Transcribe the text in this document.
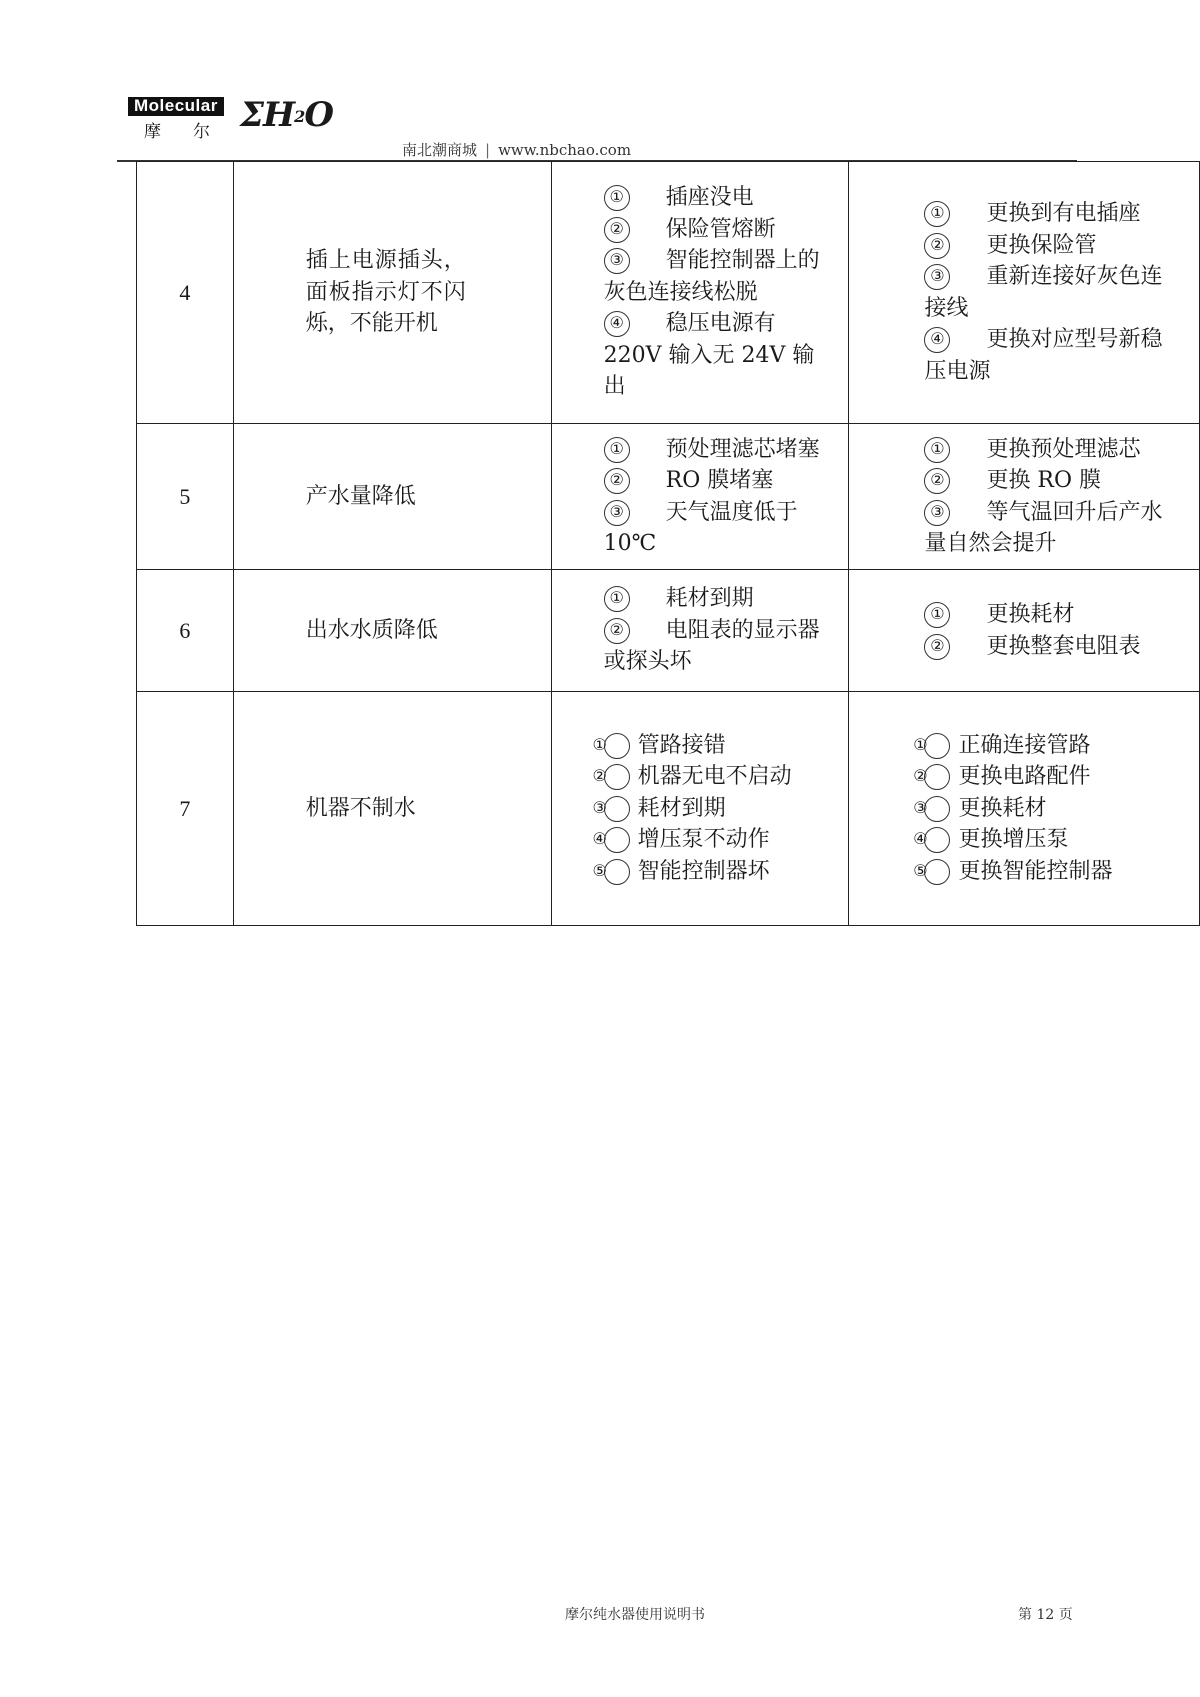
Molecular
摩尔
$\Sigma H_2O$
南北潮商城 | www.nbchao.com
4	插上电源插头，面板指示灯不闪烁，不能开机	① 插座没电
② 保险管熔断
③ 智能控制器上的灰色连接线松脱
④ 稳压电源有 220V 输入无 24V 输出	① 更换到有电插座
② 更换保险管
③ 重新连接好灰色连接线
④ 更换对应型号新稳压电源

5	产水量降低	① 预处理滤芯堵塞
② RO 膜堵塞
③ 天气温度低于 10℃	① 更换预处理滤芯
② 更换 RO 膜
③ 等气温回升后产水量自然会提升

6	出水水质降低	① 耗材到期
② 电阻表的显示器或探头坏	① 更换耗材
② 更换整套电阻表

7	机器不制水	① 管路接错
② 机器无电不启动
③ 耗材到期
④ 增压泵不动作
⑤ 智能控制器坏	① 正确连接管路
② 更换电路配件
③ 更换耗材
④ 更换增压泵
⑤ 更换智能控制器
摩尔纯水器使用说明书	第 12 页
